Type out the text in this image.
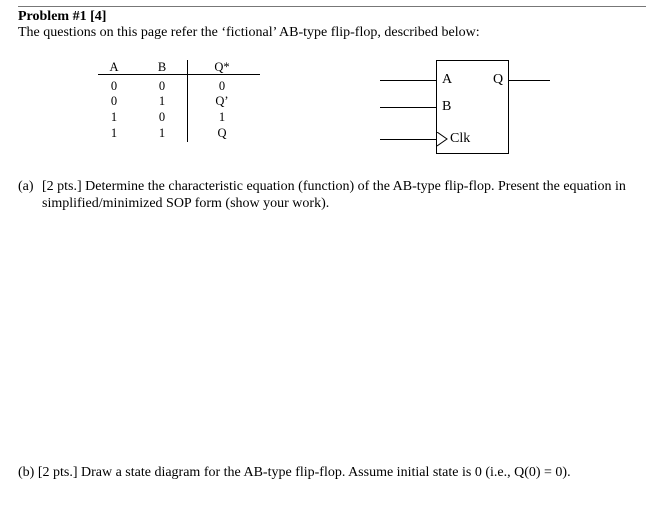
Problem #1 [4]
The questions on this page refer the ‘fictional’ AB-type flip-flop, described below:
A	B	Q*
0	0	0
0	1	Q’
1	0	1
1	1	Q
A
B
Q
Clk
(a) [2 pts.] Determine the characteristic equation (function) of the AB-type flip-flop. Present the equation in simplified/minimized SOP form (show your work).
(b) [2 pts.] Draw a state diagram for the AB-type flip-flop. Assume initial state is 0 (i.e., Q(0) = 0).
